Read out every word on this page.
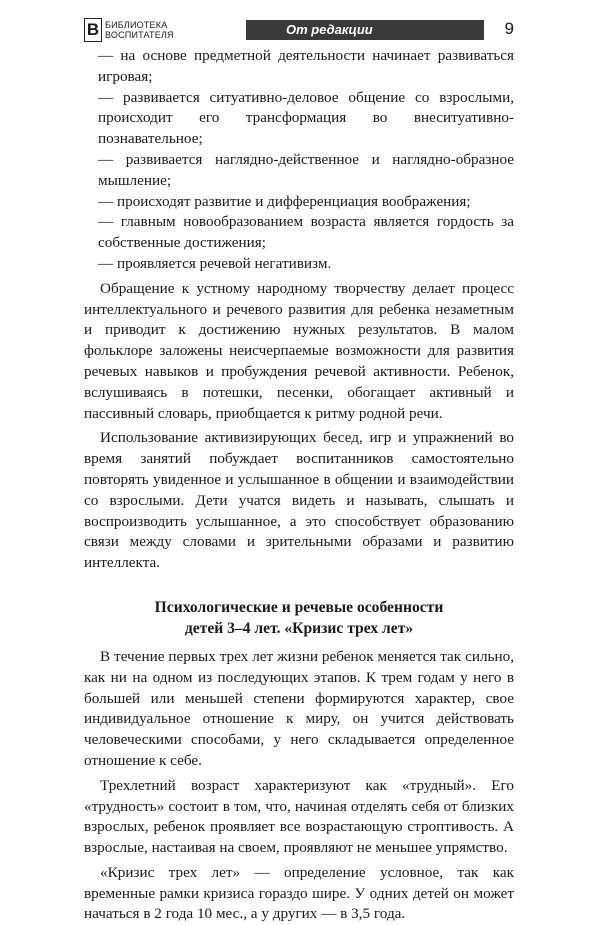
В БИБЛИОТЕКА
ВОСПИТАТЕЛЯ	От редакции	9
— на основе предметной деятельности начинает развиваться игровая;
— развивается ситуативно-деловое общение со взрослыми, происходит его трансформация во внеситуативно-познавательное;
— развивается наглядно-действенное и наглядно-образное мышление;
— происходят развитие и дифференциация воображения;
— главным новообразованием возраста является гордость за собственные достижения;
— проявляется речевой негативизм.

Обращение к устному народному творчеству делает процесс интеллектуального и речевого развития для ребенка незаметным и приводит к достижению нужных результатов. В малом фольклоре заложены неисчерпаемые возможности для развития речевых навыков и пробуждения речевой активности. Ребенок, вслушиваясь в потешки, песенки, обогащает активный и пассивный словарь, приобщается к ритму родной речи.

Использование активизирующих бесед, игр и упражнений во время занятий побуждает воспитанников самостоятельно повторять увиденное и услышанное в общении и взаимодействии со взрослыми. Дети учатся видеть и называть, слышать и воспроизводить услышанное, а это способствует образованию связи между словами и зрительными образами и развитию интеллекта.

Психологические и речевые особенности
детей 3–4 лет. «Кризис трех лет»

В течение первых трех лет жизни ребенок меняется так сильно, как ни на одном из последующих этапов. К трем годам у него в большей или меньшей степени формируются характер, свое индивидуальное отношение к миру, он учится действовать человеческими способами, у него складывается определенное отношение к себе.

Трехлетний возраст характеризуют как «трудный». Его «трудность» состоит в том, что, начиная отделять себя от близких взрослых, ребенок проявляет все возрастающую строптивость. А взрослые, настаивая на своем, проявляют не меньшее упрямство.

«Кризис трех лет» — определение условное, так как временные рамки кризиса гораздо шире. У одних детей он может начаться в 2 года 10 мес., а у других — в 3,5 года.
